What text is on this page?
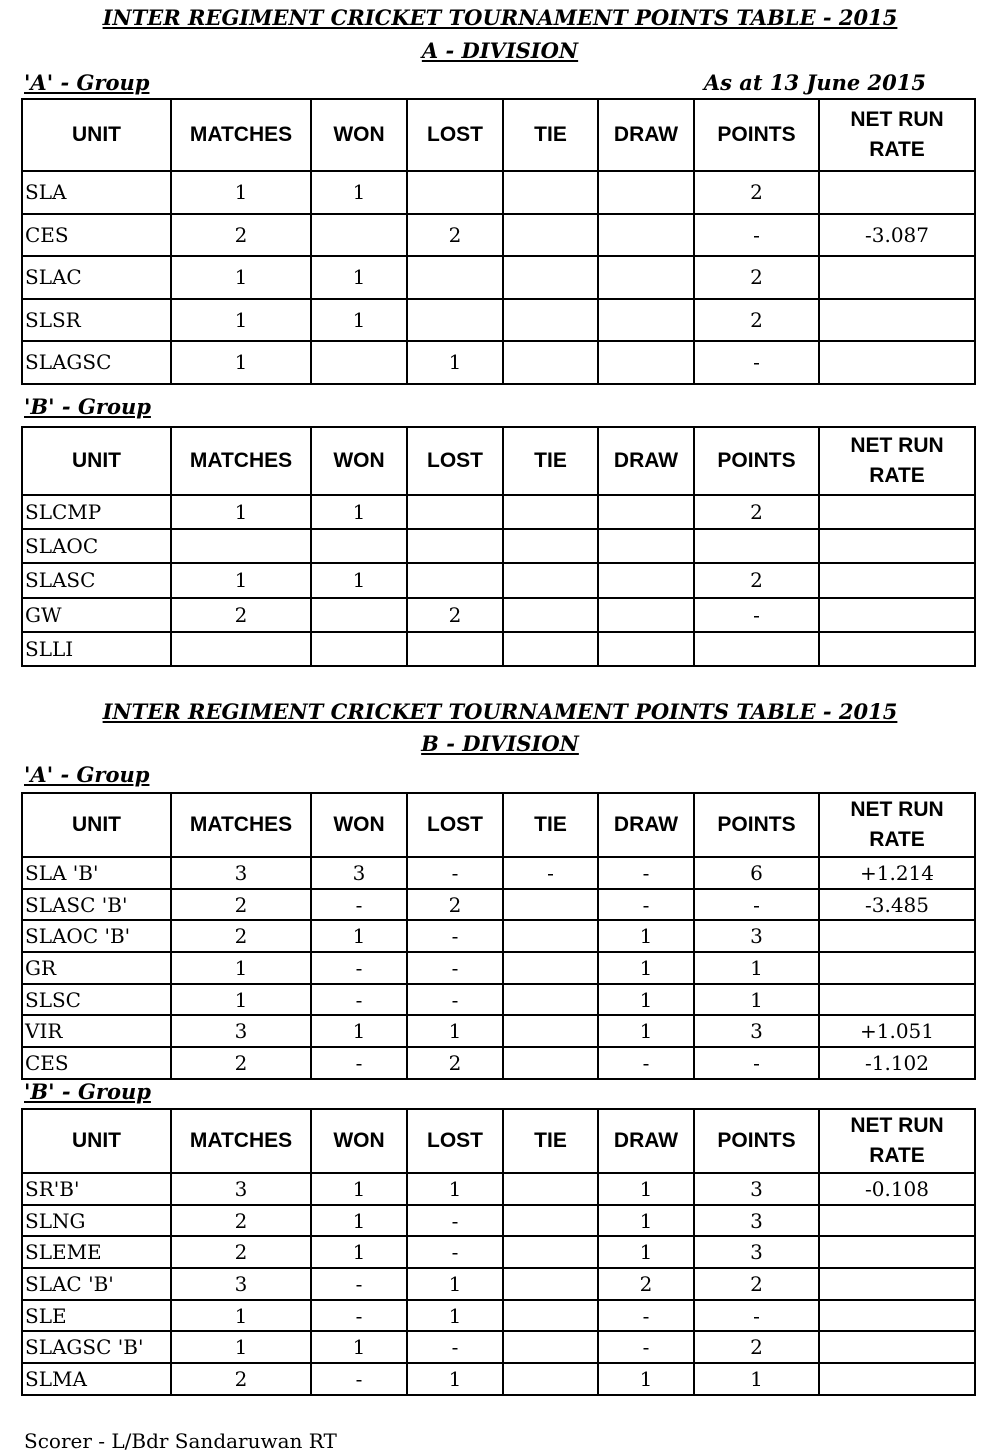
INTER REGIMENT CRICKET TOURNAMENT POINTS TABLE - 2015
A - DIVISION
'A' - Group	As at 13 June 2015
UNIT	MATCHES	WON	LOST	TIE	DRAW	POINTS	NET RUN RATE
SLA	1	1				2	
CES	2		2			-	-3.087
SLAC	1	1				2	
SLSR	1	1				2	
SLAGSC	1		1			-	
'B' - Group
UNIT	MATCHES	WON	LOST	TIE	DRAW	POINTS	NET RUN RATE
SLCMP	1	1				2	
SLAOC							
SLASC	1	1				2	
GW	2		2			-	
SLLI							
INTER REGIMENT CRICKET TOURNAMENT POINTS TABLE - 2015
B - DIVISION
'A' - Group
UNIT	MATCHES	WON	LOST	TIE	DRAW	POINTS	NET RUN RATE
SLA 'B'	3	3	-	-	-	6	+1.214
SLASC 'B'	2	-	2		-	-	-3.485
SLAOC 'B'	2	1	-		1	3	
GR	1	-	-		1	1	
SLSC	1	-	-		1	1	
VIR	3	1	1		1	3	+1.051
CES	2	-	2		-	-	-1.102
'B' - Group
UNIT	MATCHES	WON	LOST	TIE	DRAW	POINTS	NET RUN RATE
SR'B'	3	1	1		1	3	-0.108
SLNG	2	1	-		1	3	
SLEME	2	1	-		1	3	
SLAC 'B'	3	-	1		2	2	
SLE	1	-	1		-	-	
SLAGSC 'B'	1	1	-		-	2	
SLMA	2	-	1		1	1	
Scorer - L/Bdr Sandaruwan RT
